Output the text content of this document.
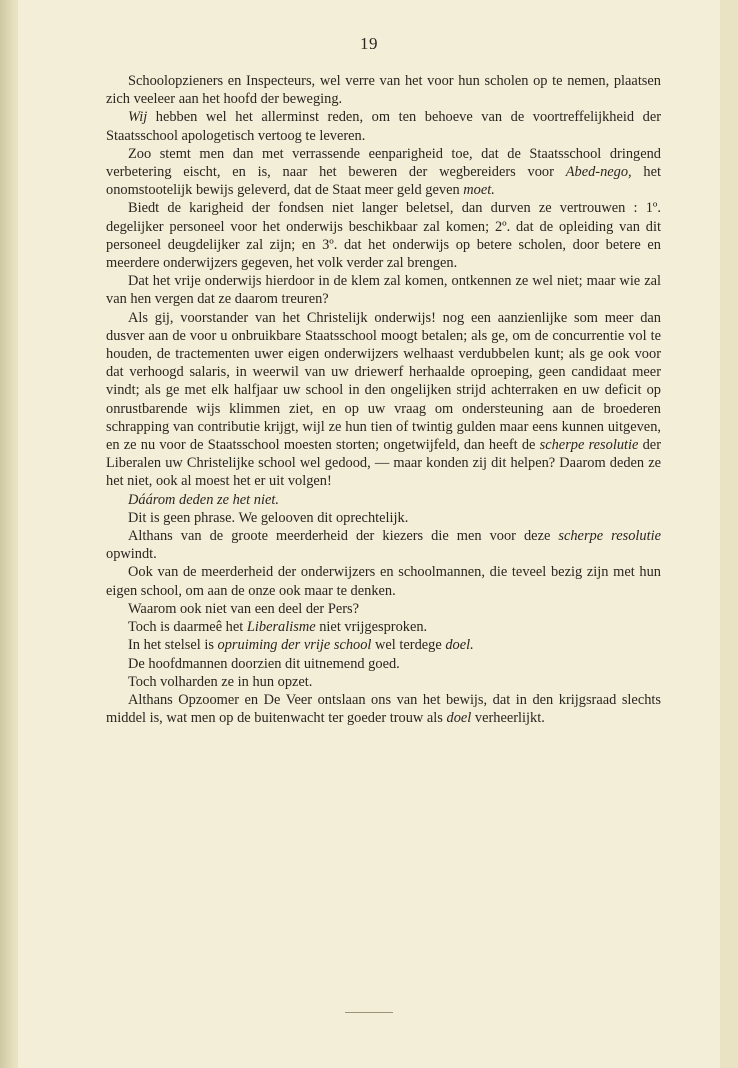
19

Schoolopzieners en Inspecteurs, wel verre van het voor hun scholen op te nemen, plaatsen zich veeleer aan het hoofd der beweging.

Wij hebben wel het allerminst reden, om ten behoeve van de voortreffelijkheid der Staatsschool apologetisch vertoog te leveren.

Zoo stemt men dan met verrassende eenparigheid toe, dat de Staatsschool dringend verbetering eischt, en is, naar het beweren der wegbereiders voor Abed-nego, het onomstootelijk bewijs geleverd, dat de Staat meer geld geven moet.

Biedt de karigheid der fondsen niet langer beletsel, dan durven ze vertrouwen : 1º. degelijker personeel voor het onderwijs beschikbaar zal komen; 2º. dat de opleiding van dit personeel deugdelijker zal zijn; en 3º. dat het onderwijs op betere scholen, door betere en meerdere onderwijzers gegeven, het volk verder zal brengen.

Dat het vrije onderwijs hierdoor in de klem zal komen, ontkennen ze wel niet; maar wie zal van hen vergen dat ze daarom treuren?

Als gij, voorstander van het Christelijk onderwijs! nog een aanzienlijke som meer dan dusver aan de voor u onbruikbare Staatsschool moogt betalen; als ge, om de concurrentie vol te houden, de tractementen uwer eigen onderwijzers welhaast verdubbelen kunt; als ge ook voor dat verhoogd salaris, in weerwil van uw driewerf herhaalde oproeping, geen candidaat meer vindt; als ge met elk halfjaar uw school in den ongelijken strijd achterraken en uw deficit op onrustbarende wijs klimmen ziet, en op uw vraag om ondersteuning aan de broederen schrapping van contributie krijgt, wijl ze hun tien of twintig gulden maar eens kunnen uitgeven, en ze nu voor de Staatsschool moesten storten; ongetwijfeld, dan heeft de scherpe resolutie der Liberalen uw Christelijke school wel gedood, — maar konden zij dit helpen? Daarom deden ze het niet, ook al moest het er uit volgen!

Dáárom deden ze het niet.

Dit is geen phrase. We gelooven dit oprechtelijk.

Althans van de groote meerderheid der kiezers die men voor deze scherpe resolutie opwindt.

Ook van de meerderheid der onderwijzers en schoolmannen, die teveel bezig zijn met hun eigen school, om aan de onze ook maar te denken.

Waarom ook niet van een deel der Pers?

Toch is daarmeê het Liberalisme niet vrijgesproken.

In het stelsel is opruiming der vrije school wel terdege doel.

De hoofdmannen doorzien dit uitnemend goed.

Toch volharden ze in hun opzet.

Althans Opzoomer en De Veer ontslaan ons van het bewijs, dat in den krijgsraad slechts middel is, wat men op de buitenwacht ter goeder trouw als doel verheerlijkt.
